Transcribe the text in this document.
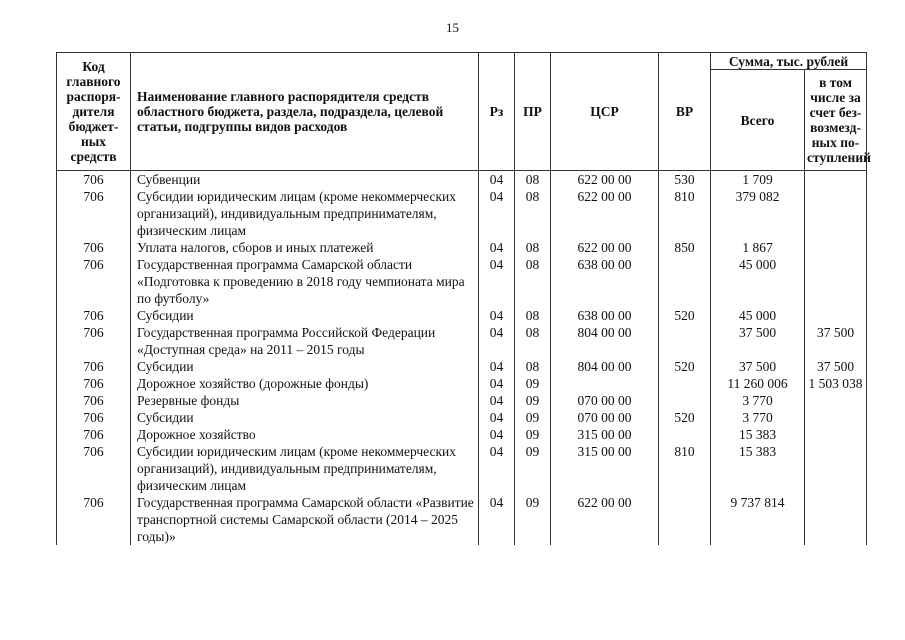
15
Код главного распоря-дителя бюджет-ных средств	Наименование главного распорядителя средств областного бюджета, раздела, подраздела, целевой статьи, подгруппы видов расходов	Рз	ПР	ЦСР	ВР	Сумма, тыс. рублей	
						Всего	в том числе за счет без-возмезд-ных по-ступлений
706	Субвенции	04	08	622 00 00	530	1 709	
706	Субсидии юридическим лицам (кроме некоммерческих организаций), индивидуальным предпринимателям, физическим лицам	04	08	622 00 00	810	379 082	
706	Уплата налогов, сборов и иных платежей	04	08	622 00 00	850	1 867	
706	Государственная программа Самарской области «Подготовка к проведению в 2018 году чемпионата мира по футболу»	04	08	638 00 00		45 000	
706	Субсидии	04	08	638 00 00	520	45 000	
706	Государственная программа Российской Федерации «Доступная среда» на 2011 – 2015 годы	04	08	804 00 00		37 500	37 500
706	Субсидии	04	08	804 00 00	520	37 500	37 500
706	Дорожное хозяйство (дорожные фонды)	04	09			11 260 006	1 503 038
706	Резервные фонды	04	09	070 00 00		3 770	
706	Субсидии	04	09	070 00 00	520	3 770	
706	Дорожное хозяйство	04	09	315 00 00		15 383	
706	Субсидии юридическим лицам (кроме некоммерческих организаций), индивидуальным предпринимателям, физическим лицам	04	09	315 00 00	810	15 383	
706	Государственная программа Самарской области «Развитие транспортной системы Самарской области (2014 – 2025 годы)»	04	09	622 00 00		9 737 814	
